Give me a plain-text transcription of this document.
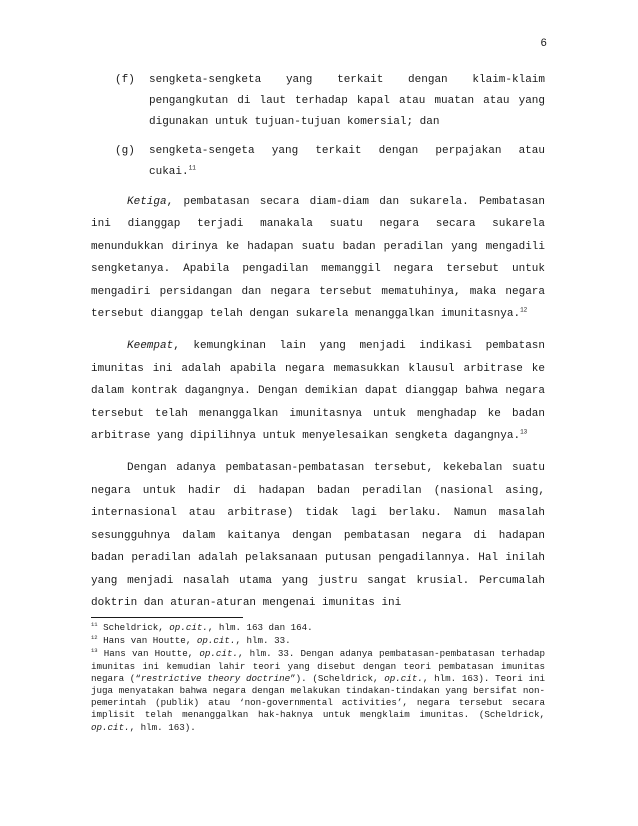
6
(f)	sengketa-sengketa yang terkait dengan klaim-klaim pengangkutan di laut terhadap kapal atau muatan atau yang digunakan untuk tujuan-tujuan komersial; dan
(g)	sengketa-sengeta yang terkait dengan perpajakan atau cukai.$^{11}$

Ketiga, pembatasan secara diam-diam dan sukarela. Pembatasan ini dianggap terjadi manakala suatu negara secara sukarela menundukkan dirinya ke hadapan suatu badan peradilan yang mengadili sengketanya. Apabila pengadilan memanggil negara tersebut untuk mengadiri persidangan dan negara tersebut mematuhinya, maka negara tersebut dianggap telah dengan sukarela menanggalkan imunitasnya.$^{12}$

Keempat, kemungkinan lain yang menjadi indikasi pembatasn imunitas ini adalah apabila negara memasukkan klausul arbitrase ke dalam kontrak dagangnya. Dengan demikian dapat dianggap bahwa negara tersebut telah menanggalkan imunitasnya untuk menghadap ke badan arbitrase yang dipilihnya untuk menyelesaikan sengketa dagangnya.$^{13}$

Dengan adanya pembatasan-pembatasan tersebut, kekebalan suatu negara untuk hadir di hadapan badan peradilan (nasional asing, internasional atau arbitrase) tidak lagi berlaku. Namun masalah sesungguhnya dalam kaitanya dengan pembatasan negara di hadapan badan peradilan adalah pelaksanaan putusan pengadilannya. Hal inilah yang menjadi nasalah utama yang justru sangat krusial. Percumalah doktrin dan aturan-aturan mengenai imunitas ini

$^{11}$ Scheldrick, op.cit., hlm. 163 dan 164.

$^{12}$ Hans van Houtte, op.cit., hlm. 33.

$^{13}$ Hans van Houtte, op.cit., hlm. 33. Dengan adanya pembatasan-pembatasan terhadap imunitas ini kemudian lahir teori yang disebut dengan teori pembatasan imunitas negara (“restrictive theory doctrine”). (Scheldrick, op.cit., hlm. 163). Teori ini juga menyatakan bahwa negara dengan melakukan tindakan-tindakan yang bersifat non-pemerintah (publik) atau ‘non-governmental activities’, negara tersebut secara implisit telah menanggalkan hak-haknya untuk mengklaim imunitas. (Scheldrick, op.cit., hlm. 163).
